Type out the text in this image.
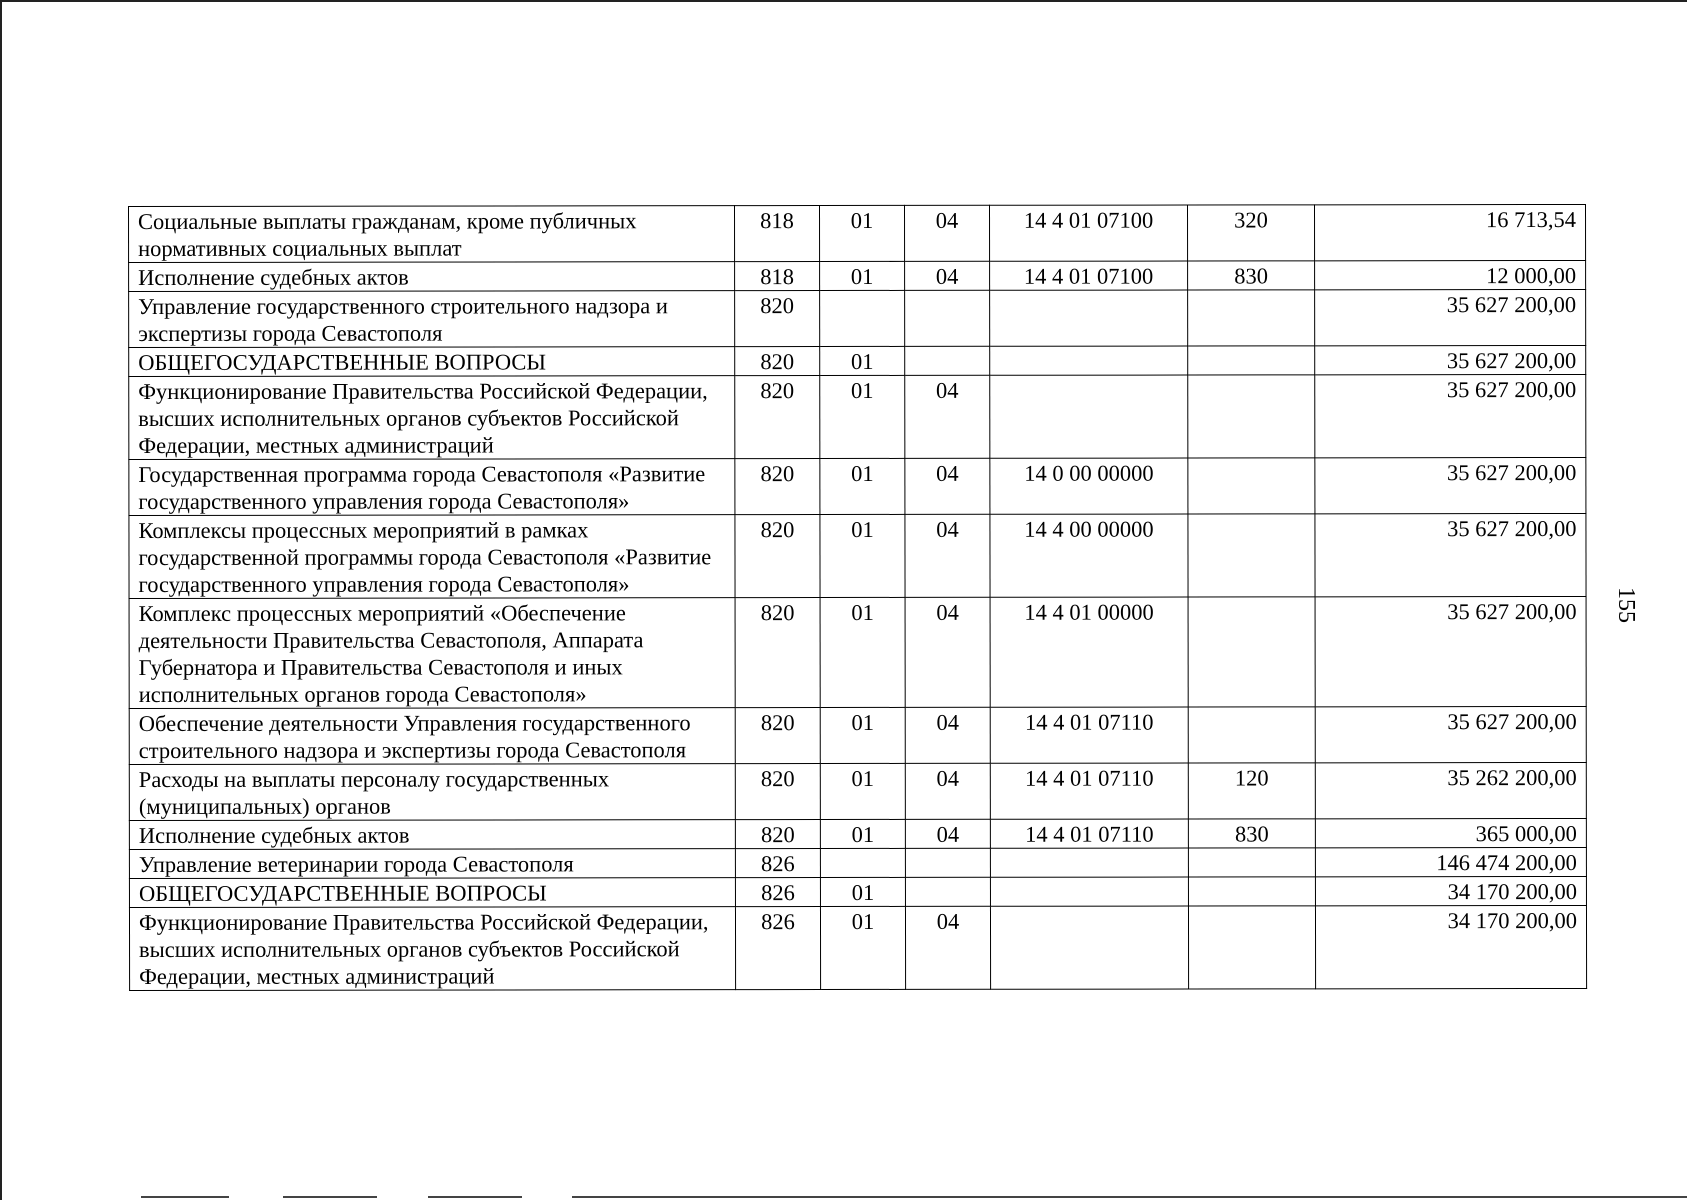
Социальные выплаты гражданам, кроме публичных нормативных социальных выплат	818	01	04	14 4 01 07100	320	16 713,54
Исполнение судебных актов	818	01	04	14 4 01 07100	830	12 000,00
Управление государственного строительного надзора и экспертизы города Севастополя	820					35 627 200,00
ОБЩЕГОСУДАРСТВЕННЫЕ ВОПРОСЫ	820	01				35 627 200,00
Функционирование Правительства Российской Федерации, высших исполнительных органов субъектов Российской Федерации, местных администраций	820	01	04			35 627 200,00
Государственная программа города Севастополя «Развитие государственного управления города Севастополя»	820	01	04	14 0 00 00000		35 627 200,00
Комплексы процессных мероприятий в рамках государственной программы города Севастополя «Развитие государственного управления города Севастополя»	820	01	04	14 4 00 00000		35 627 200,00
Комплекс процессных мероприятий «Обеспечение деятельности Правительства Севастополя, Аппарата Губернатора и Правительства Севастополя и иных исполнительных органов города Севастополя»	820	01	04	14 4 01 00000		35 627 200,00
Обеспечение деятельности Управления государственного строительного надзора и экспертизы города Севастополя	820	01	04	14 4 01 07110		35 627 200,00
Расходы на выплаты персоналу государственных (муниципальных) органов	820	01	04	14 4 01 07110	120	35 262 200,00
Исполнение судебных актов	820	01	04	14 4 01 07110	830	365 000,00
Управление ветеринарии города Севастополя	826					146 474 200,00
ОБЩЕГОСУДАРСТВЕННЫЕ ВОПРОСЫ	826	01				34 170 200,00
Функционирование Правительства Российской Федерации, высших исполнительных органов субъектов Российской Федерации, местных администраций	826	01	04			34 170 200,00
155
